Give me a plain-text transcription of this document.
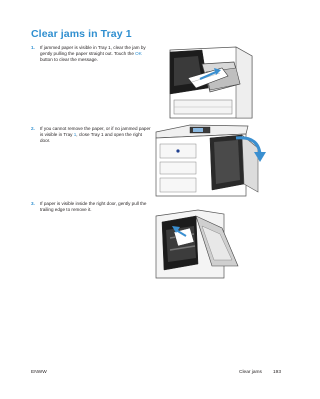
Clear jams in Tray 1
1. If jammed paper is visible in Tray 1, clear the jam by gently pulling the paper straight out. Touch the OK button to clear the message.
2. If you cannot remove the paper, or if no jammed paper is visible in Tray 1, close Tray 1 and open the right door.
3. If paper is visible inside the right door, gently pull the trailing edge to remove it.
ENWW	Clear jams 193
